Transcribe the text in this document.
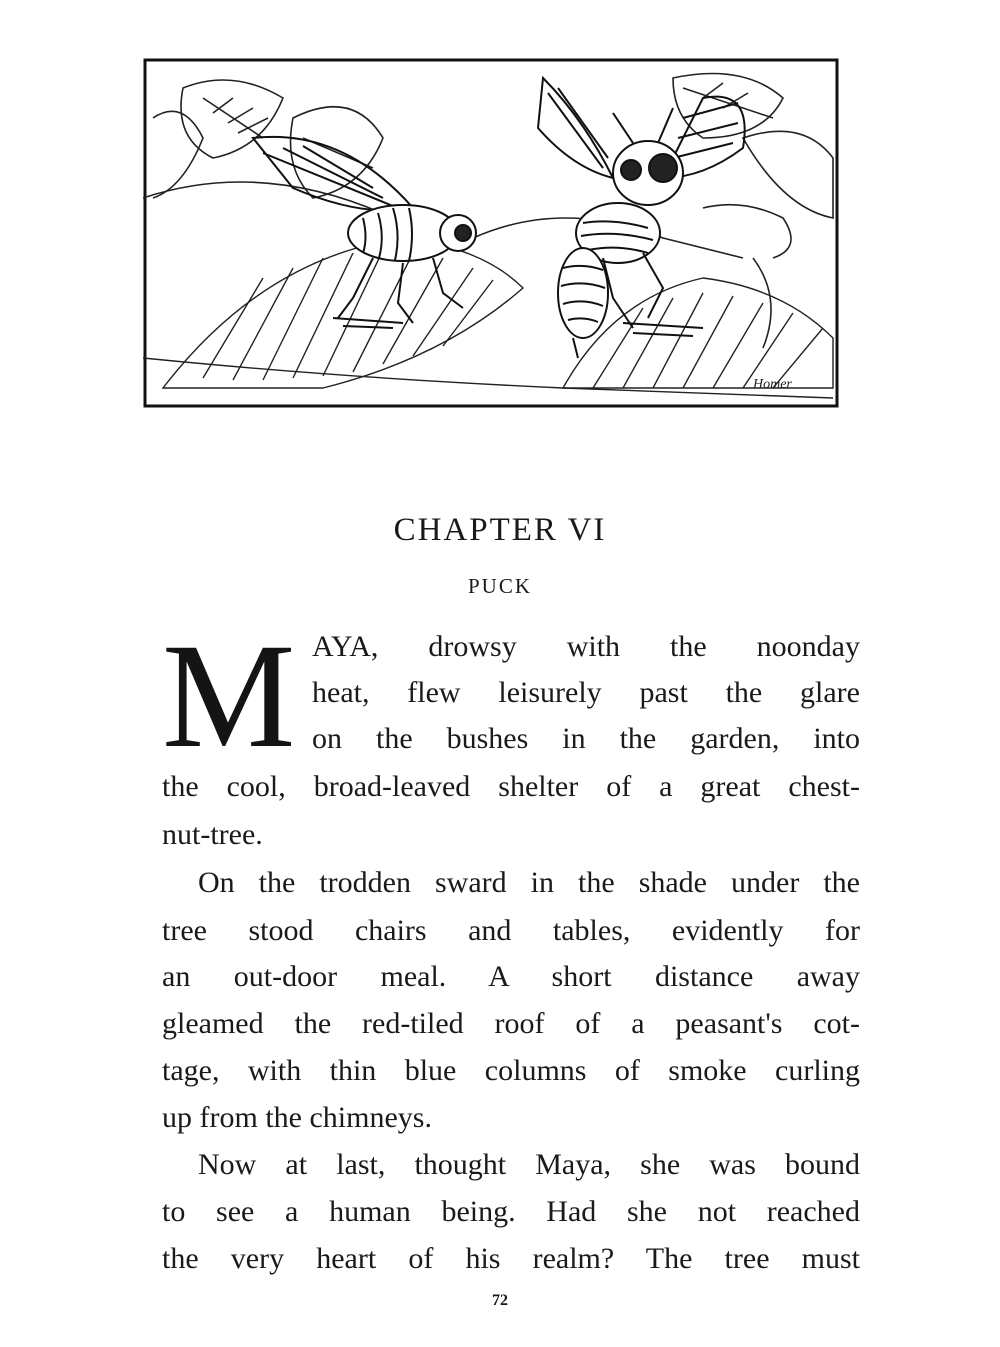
Homer
CHAPTER VI
PUCK
M AYA, drowsy with the noonday
heat, flew leisurely past the glare
on the bushes in the garden, into
the cool, broad-leaved shelter of a great chest-
nut-tree.
On the trodden sward in the shade under the
tree stood chairs and tables, evidently for
an out-door meal. A short distance away
gleamed the red-tiled roof of a peasant's cot-
tage, with thin blue columns of smoke curling
up from the chimneys.
Now at last, thought Maya, she was bound
to see a human being. Had she not reached
the very heart of his realm? The tree must
72
